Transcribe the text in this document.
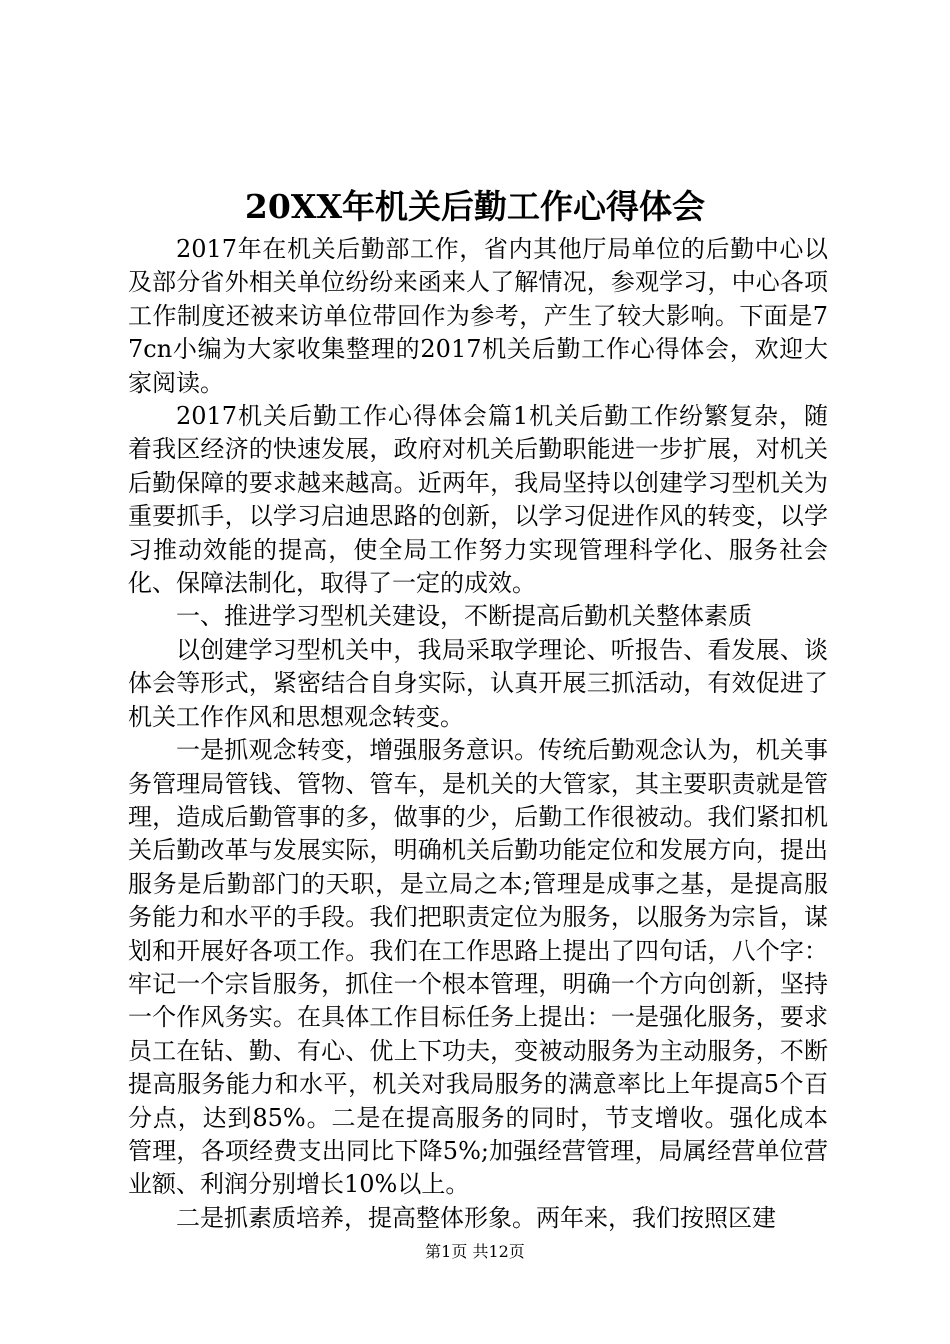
20XX年机关后勤工作心得体会

2017年在机关后勤部工作，省内其他厅局单位的后勤中心以及部分省外相关单位纷纷来函来人了解情况，参观学习，中心各项工作制度还被来访单位带回作为参考，产生了较大影响。下面是77cn小编为大家收集整理的2017机关后勤工作心得体会，欢迎大家阅读。

2017机关后勤工作心得体会篇1机关后勤工作纷繁复杂，随着我区经济的快速发展，政府对机关后勤职能进一步扩展，对机关后勤保障的要求越来越高。近两年，我局坚持以创建学习型机关为重要抓手，以学习启迪思路的创新，以学习促进作风的转变，以学习推动效能的提高，使全局工作努力实现管理科学化、服务社会化、保障法制化，取得了一定的成效。

一、推进学习型机关建设，不断提高后勤机关整体素质

以创建学习型机关中，我局采取学理论、听报告、看发展、谈体会等形式，紧密结合自身实际，认真开展三抓活动，有效促进了机关工作作风和思想观念转变。

一是抓观念转变，增强服务意识。传统后勤观念认为，机关事务管理局管钱、管物、管车，是机关的大管家，其主要职责就是管理，造成后勤管事的多，做事的少，后勤工作很被动。我们紧扣机关后勤改革与发展实际，明确机关后勤功能定位和发展方向，提出服务是后勤部门的天职，是立局之本;管理是成事之基，是提高服务能力和水平的手段。我们把职责定位为服务，以服务为宗旨，谋划和开展好各项工作。我们在工作思路上提出了四句话，八个字：牢记一个宗旨服务，抓住一个根本管理，明确一个方向创新，坚持一个作风务实。在具体工作目标任务上提出：一是强化服务，要求员工在钻、勤、有心、优上下功夫，变被动服务为主动服务，不断提高服务能力和水平，机关对我局服务的满意率比上年提高5个百分点，达到85%。二是在提高服务的同时，节支增收。强化成本管理，各项经费支出同比下降5%;加强经营管理，局属经营单位营业额、利润分别增长10%以上。

二是抓素质培养，提高整体形象。两年来，我们按照区建

第1页 共12页
